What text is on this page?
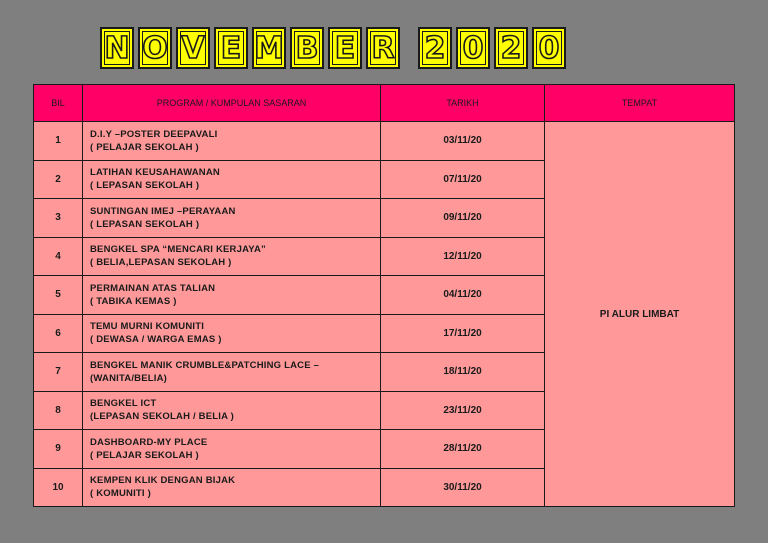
N O V E M B E R 2 0 2 0
BIL	PROGRAM / KUMPULAN SASARAN	TARIKH	TEMPAT
1	D.I.Y –POSTER DEEPAVALI
( PELAJAR SEKOLAH )	03/11/20	PI ALUR LIMBAT
2	LATIHAN KEUSAHAWANAN
( LEPASAN SEKOLAH )	07/11/20	
3	SUNTINGAN IMEJ –PERAYAAN
( LEPASAN SEKOLAH )	09/11/20	
4	BENGKEL SPA “MENCARI KERJAYA”
( BELIA,LEPASAN SEKOLAH )	12/11/20	
5	PERMAINAN ATAS TALIAN
( TABIKA KEMAS )	04/11/20	
6	TEMU MURNI KOMUNITI
( DEWASA / WARGA EMAS )	17/11/20	
7	BENGKEL MANIK CRUMBLE&PATCHING LACE –
(WANITA/BELIA)	18/11/20	
8	BENGKEL ICT
(LEPASAN SEKOLAH / BELIA )	23/11/20	
9	DASHBOARD-MY PLACE
( PELAJAR SEKOLAH )	28/11/20	
10	KEMPEN KLIK DENGAN BIJAK
( KOMUNITI )	30/11/20	
